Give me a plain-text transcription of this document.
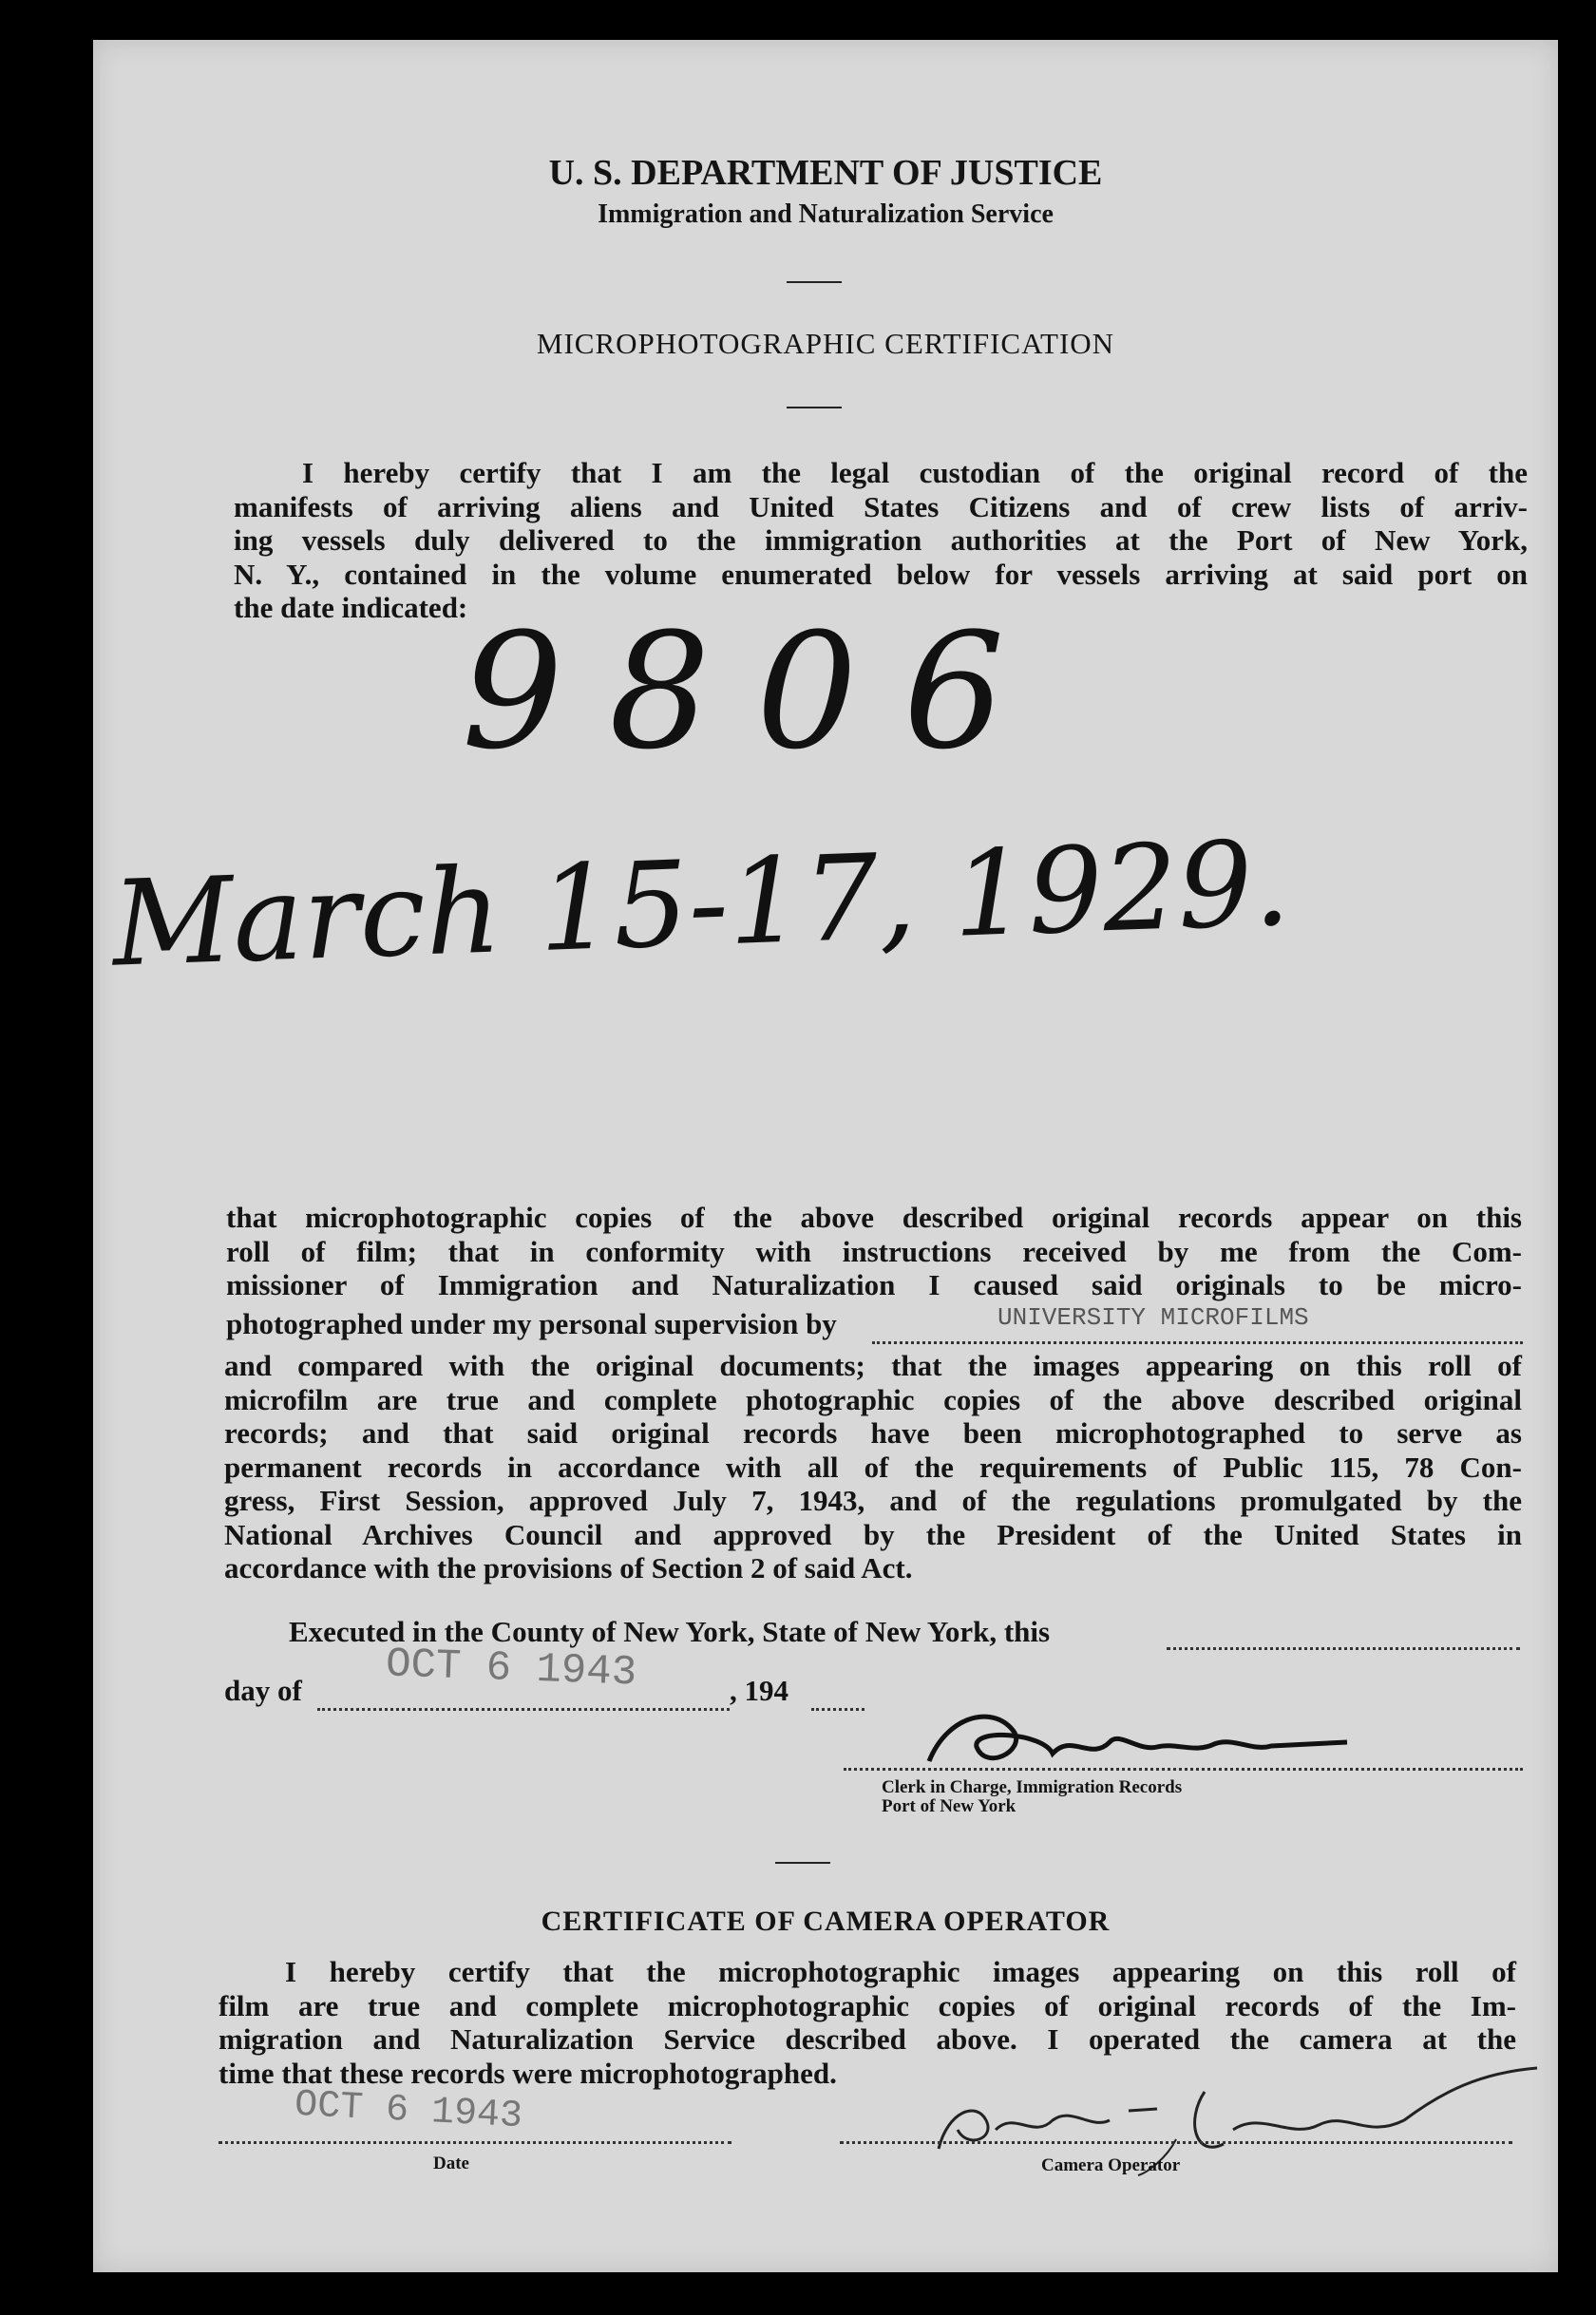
U. S. DEPARTMENT OF JUSTICE
Immigration and Naturalization Service
MICROPHOTOGRAPHIC CERTIFICATION

I hereby certify that I am the legal custodian of the original record of the

manifests of arriving aliens and United States Citizens and of crew lists of arriv-

ing vessels duly delivered to the immigration authorities at the Port of New York,

N. Y., contained in the volume enumerated below for vessels arriving at said port on

the date indicated:

9806
March 15-17, 1929.

that microphotographic copies of the above described original records appear on this

roll of film; that in conformity with instructions received by me from the Com-

missioner of Immigration and Naturalization I caused said originals to be micro-

photographed under my personal supervision by	UNIVERSITY MICROFILMS

and compared with the original documents; that the images appearing on this roll of

microfilm are true and complete photographic copies of the above described original

records; and that said original records have been microphotographed to serve as

permanent records in accordance with all of the requirements of Public 115, 78 Con-

gress, First Session, approved July 7, 1943, and of the regulations promulgated by the

National Archives Council and approved by the President of the United States in

accordance with the provisions of Section 2 of said Act.

Executed in the County of New York, State of New York, this
day of OCT 6 1943	, 194
Clerk in Charge, Immigration Records
Port of New York
CERTIFICATE OF CAMERA OPERATOR

I hereby certify that the microphotographic images appearing on this roll of

film are true and complete microphotographic copies of original records of the Im-

migration and Naturalization Service described above. I operated the camera at the

time that these records were microphotographed.

OCT 6 1943
Date	Camera Operator
